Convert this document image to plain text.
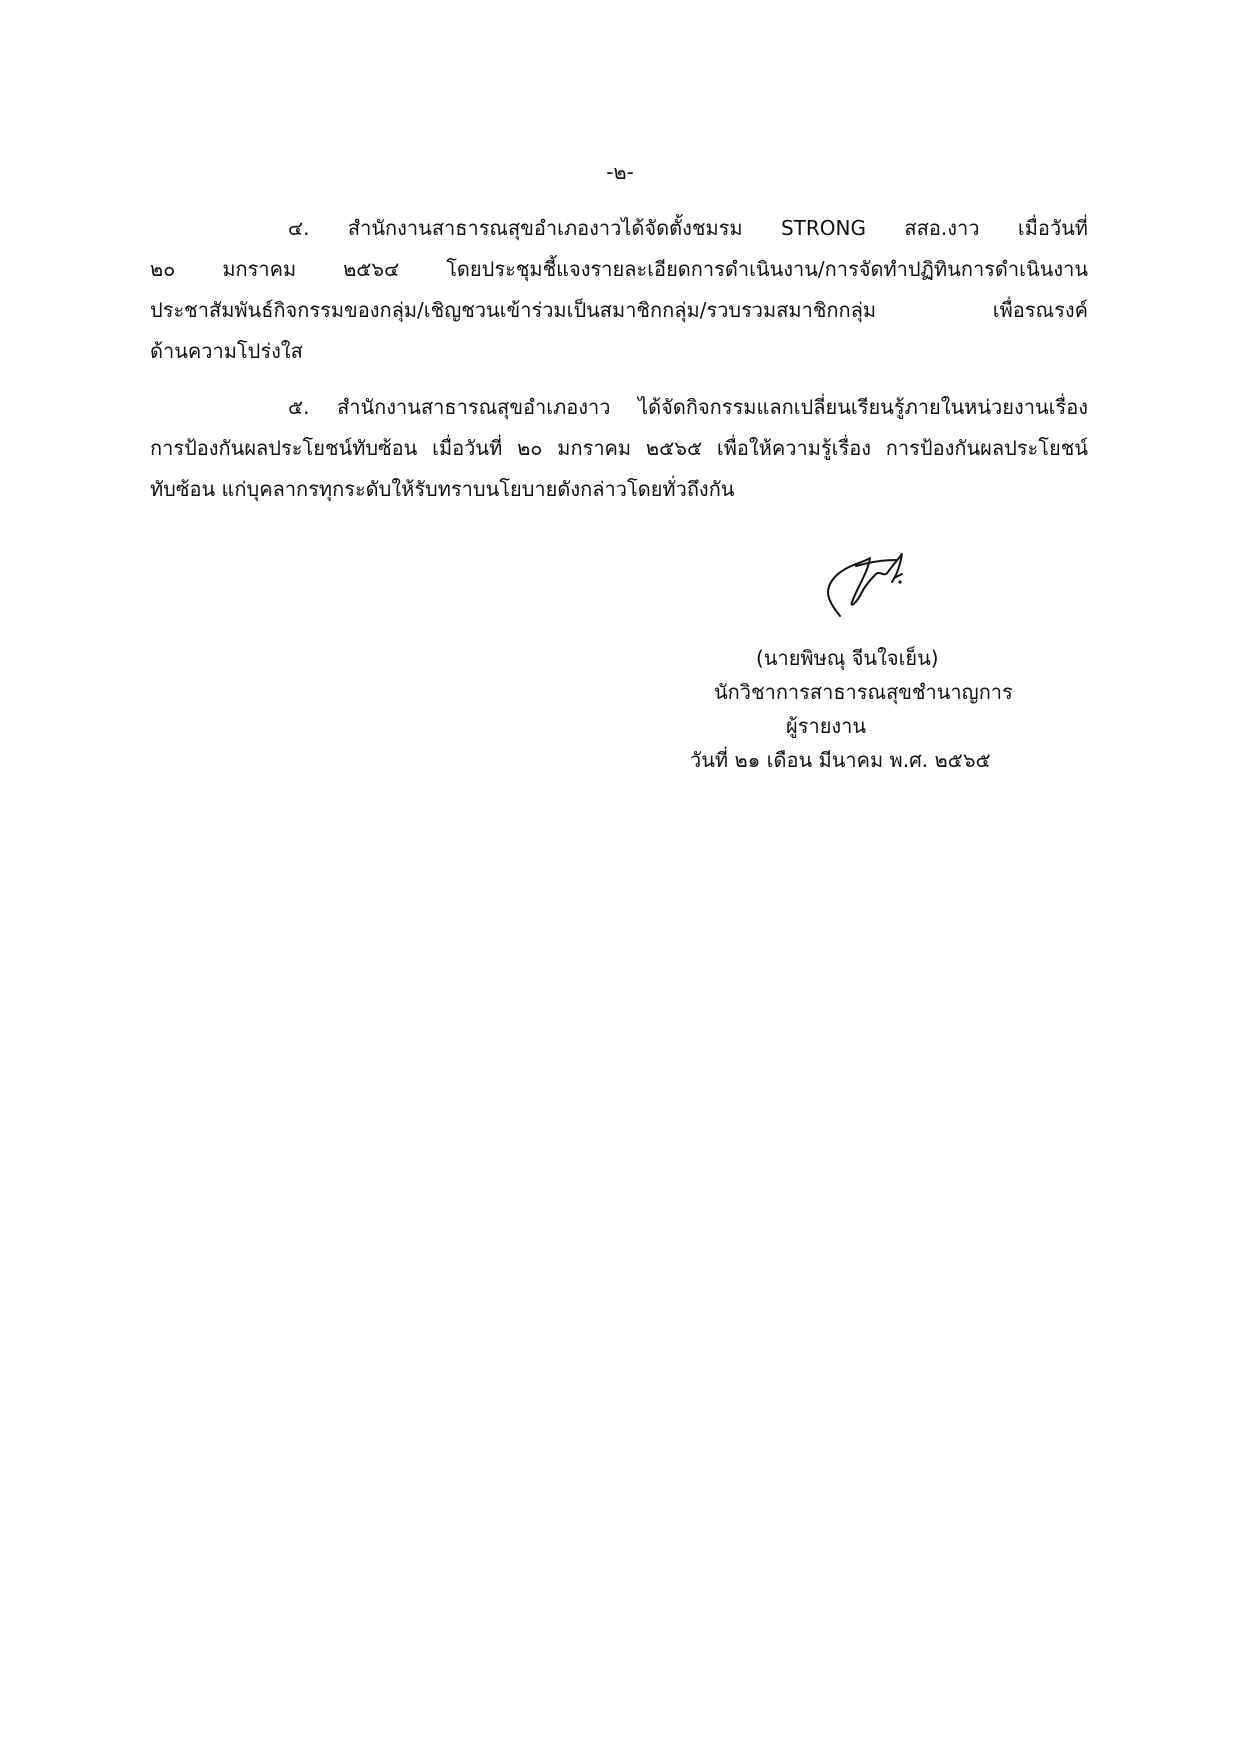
-๒-
๔. สำนักงานสาธารณสุขอำเภองาวได้จัดตั้งชมรม STRONG สสอ.งาว เมื่อวันที่
๒๐ มกราคม ๒๕๖๔ โดยประชุมชี้แจงรายละเอียดการดำเนินงาน/การจัดทำปฏิทินการดำเนินงาน
ประชาสัมพันธ์กิจกรรมของกลุ่ม/เชิญชวนเข้าร่วมเป็นสมาชิกกลุ่ม/รวบรวมสมาชิกกลุ่ม เพื่อรณรงค์
ด้านความโปร่งใส
๕. สำนักงานสาธารณสุขอำเภองาว ได้จัดกิจกรรมแลกเปลี่ยนเรียนรู้ภายในหน่วยงานเรื่อง
การป้องกันผลประโยชน์ทับซ้อน เมื่อวันที่ ๒๐ มกราคม ๒๕๖๕ เพื่อให้ความรู้เรื่อง การป้องกันผลประโยชน์
ทับซ้อน แก่บุคลากรทุกระดับให้รับทราบนโยบายดังกล่าวโดยทั่วถึงกัน
(นายพิษณุ จีนใจเย็น)
นักวิชาการสาธารณสุขชำนาญการ
ผู้รายงาน
วันที่ ๒๑ เดือน มีนาคม พ.ศ. ๒๕๖๕
